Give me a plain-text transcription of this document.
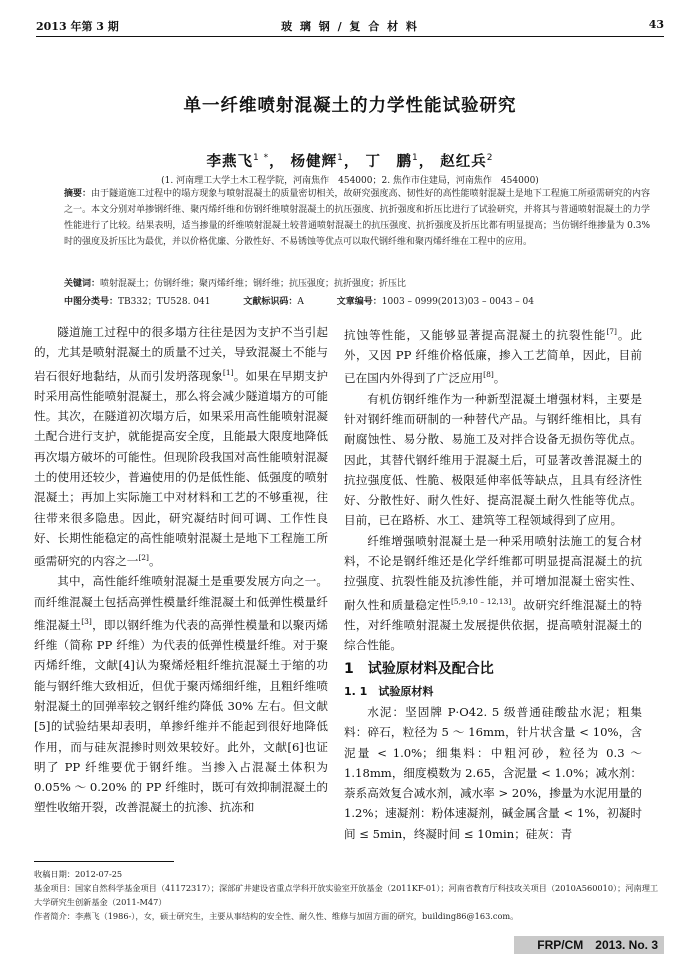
2013 年第 3 期	玻 璃 钢 / 复 合 材 料	43
单一纤维喷射混凝土的力学性能试验研究
李燕飞$^{1 *}$， 杨健辉$^1$， 丁　鹏$^1$， 赵红兵$^2$
(1. 河南理工大学土木工程学院，河南焦作　454000；2. 焦作市住建局，河南焦作　454000)
摘要：由于隧道施工过程中的塌方现象与喷射混凝土的质量密切相关，故研究强度高、韧性好的高性能喷射混凝土是地下工程施工所亟需研究的内容之一。本文分别对单掺钢纤维、聚丙烯纤维和仿钢纤维喷射混凝土的抗压强度、抗折强度和折压比进行了试验研究，并将其与普通喷射混凝土的力学性能进行了比较。结果表明，适当掺量的纤维喷射混凝土较普通喷射混凝土的抗压强度、抗折强度及折压比都有明显提高；当仿钢纤维掺量为 0.3% 时的强度及折压比为最优，并以价格优廉、分散性好、不易锈蚀等优点可以取代钢纤维和聚丙烯纤维在工程中的应用。
关键词：喷射混凝土；仿钢纤维；聚丙烯纤维；钢纤维；抗压强度；抗折强度；折压比
中图分类号：TB332；TU528. 041	文献标识码：A	文章编号：1003 – 0999(2013)03 – 0043 – 04

隧道施工过程中的很多塌方往往是因为支护不当引起的，尤其是喷射混凝土的质量不过关，导致混凝土不能与岩石很好地黏结，从而引发坍落现象[1]。如果在早期支护时采用高性能喷射混凝土，那么将会减少隧道塌方的可能性。其次，在隧道初次塌方后，如果采用高性能喷射混凝土配合进行支护，就能提高安全度，且能最大限度地降低再次塌方破坏的可能性。但现阶段我国对高性能喷射混凝土的使用还较少，普遍使用的仍是低性能、低强度的喷射混凝土；再加上实际施工中对材料和工艺的不够重视，往往带来很多隐患。因此，研究凝结时间可调、工作性良好、长期性能稳定的高性能喷射混凝土是地下工程施工所亟需研究的内容之一[2]。

其中，高性能纤维喷射混凝土是重要发展方向之一。而纤维混凝土包括高弹性模量纤维混凝土和低弹性模量纤维混凝土[3]，即以钢纤维为代表的高弹性模量和以聚丙烯纤维（简称 PP 纤维）为代表的低弹性模量纤维。对于聚丙烯纤维，文献[4]认为聚烯烃粗纤维抗混凝土于缩的功能与钢纤维大致相近，但优于聚丙烯细纤维，且粗纤维喷射混凝土的回弹率较之钢纤维约降低 30% 左右。但文献[5]的试验结果却表明，单掺纤维并不能起到很好地降低作用，而与硅灰混掺时则效果较好。此外，文献[6]也证明了 PP 纤维要优于钢纤维。当掺入占混凝土体积为 0.05% ～ 0.20% 的 PP 纤维时，既可有效抑制混凝土的塑性收缩开裂，改善混凝土的抗渗、抗冻和

抗蚀等性能，又能够显著提高混凝土的抗裂性能[7]。此外，又因 PP 纤维价格低廉，掺入工艺简单，因此，目前已在国内外得到了广泛应用[8]。

有机仿钢纤维作为一种新型混凝土增强材料，主要是针对钢纤维而研制的一种替代产品。与钢纤维相比，具有耐腐蚀性、易分散、易施工及对拌合设备无损伤等优点。因此，其替代钢纤维用于混凝土后，可显著改善混凝土的抗拉强度低、性脆、极限延伸率低等缺点，且具有经济性好、分散性好、耐久性好、提高混凝土耐久性能等优点。目前，已在路桥、水工、建筑等工程领域得到了应用。

纤维增强喷射混凝土是一种采用喷射法施工的复合材料，不论是钢纤维还是化学纤维都可明显提高混凝土的抗拉强度、抗裂性能及抗渗性能，并可增加混凝土密实性、耐久性和质量稳定性[5,9,10 – 12,13]。故研究纤维混凝土的特性，对纤维喷射混凝土发展提供依据，提高喷射混凝土的综合性能。

1　试验原材料及配合比
1. 1　试验原材料

水泥：坚固牌 P·O42. 5 级普通硅酸盐水泥；粗集料：碎石，粒径为 5 ～ 16mm，针片状含量 < 10%，含泥量 < 1.0%；细集料：中粗河砂，粒径为 0.3 ～ 1.18mm，细度模数为 2.65，含泥量 < 1.0%；减水剂：萘系高效复合减水剂，减水率 > 20%，掺量为水泥用量的 1.2%；速凝剂：粉体速凝剂，碱金属含量 < 1%，初凝时间 ≤ 5min，终凝时间 ≤ 10min；硅灰：青

收稿日期：2012-07-25
基金项目：国家自然科学基金项目（41172317）；深部矿井建设省重点学科开放实验室开放基金（2011KF-01）；河南省教育厅科技攻关项目（2010A560010）；河南理工大学研究生创新基金（2011-M47）
作者简介：李燕飞（1986-），女，硕士研究生，主要从事结构的安全性、耐久性、维修与加固方面的研究，building86@163.com。
FRP/CM　2013. No. 3
